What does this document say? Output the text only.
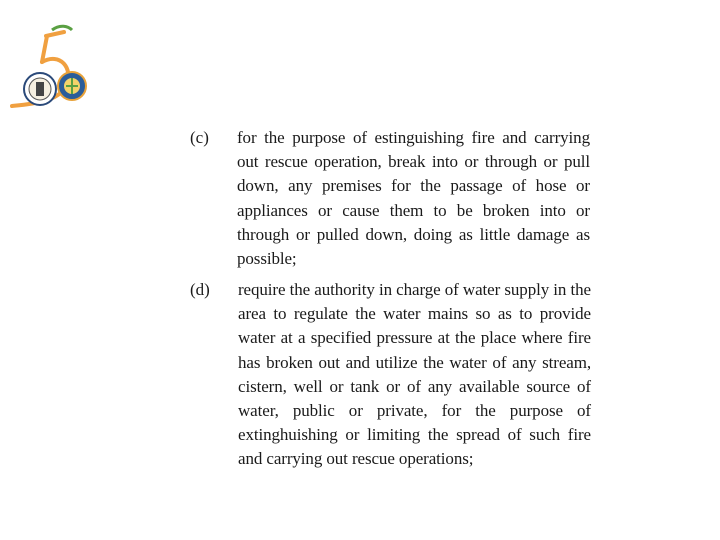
(c) for the purpose of estinguishing fire and carrying out rescue operation, break into or through or pull down, any premises for the passage of hose or appliances or cause them to be broken into or through or pulled down, doing as little damage as possible;
(d) require the authority in charge of water supply in the area to regulate the water mains so as to provide water at a specified pressure at the place where fire has broken out and utilize the water of any stream, cistern, well or tank or of any available source of water, public or private, for the purpose of extinghuishing or limiting the spread of such fire and carrying out rescue operations;
